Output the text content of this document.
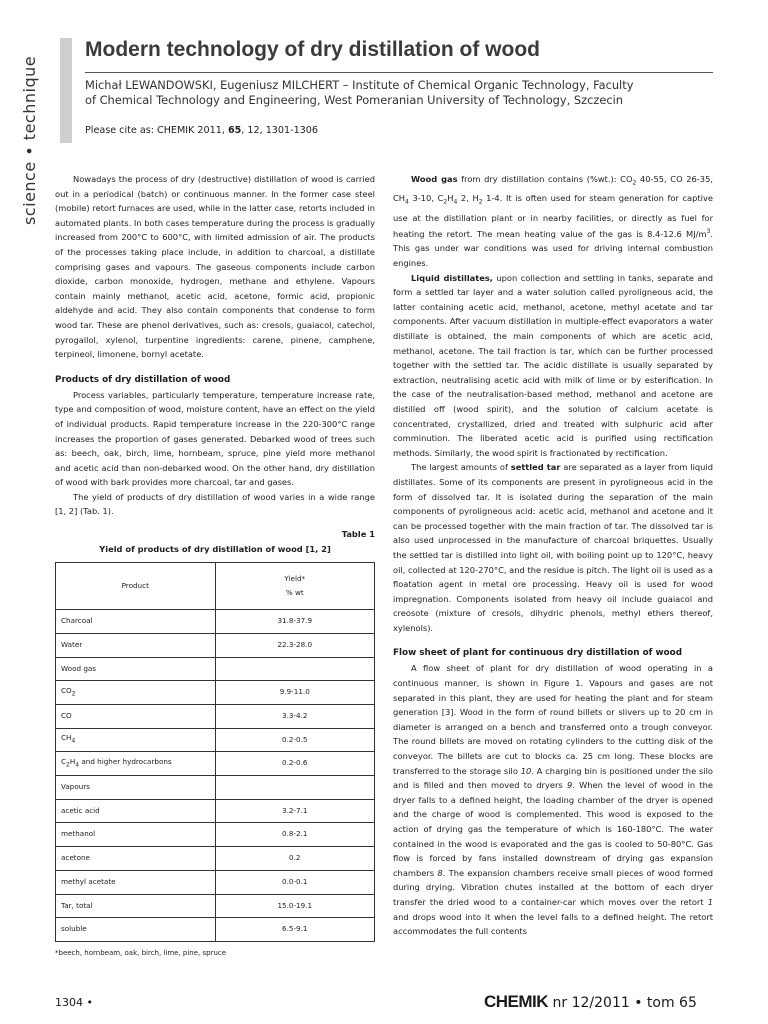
science • technique
Modern technology of dry distillation of wood
Michał LEWANDOWSKI, Eugeniusz MILCHERT – Institute of Chemical Organic Technology, Faculty
of Chemical Technology and Engineering, West Pomeranian University of Technology, Szczecin
Please cite as: CHEMIK 2011, 65, 12, 1301-1306

Nowadays the process of dry (destructive) distillation of wood is carried out in a periodical (batch) or continuous manner. In the former case steel (mobile) retort furnaces are used, while in the latter case, retorts included in automated plants. In both cases temperature during the process is gradually increased from 200°C to 600°C, with limited admission of air. The products of the processes taking place include, in addition to charcoal, a distillate comprising gases and vapours. The gaseous components include carbon dioxide, carbon monoxide, hydrogen, methane and ethylene. Vapours contain mainly methanol, acetic acid, acetone, formic acid, propionic aldehyde and acid. They also contain components that condense to form wood tar. These are phenol derivatives, such as: cresols, guaiacol, catechol, pyrogallol, xylenol, turpentine ingredients: carene, pinene, camphene, terpineol, limonene, bornyl acetate.

Products of dry distillation of wood

Process variables, particularly temperature, temperature increase rate, type and composition of wood, moisture content, have an effect on the yield of individual products. Rapid temperature increase in the 220-300°C range increases the proportion of gases generated. Debarked wood of trees such as: beech, oak, birch, lime, hornbeam, spruce, pine yield more methanol and acetic acid than non-debarked wood. On the other hand, dry distillation of wood with bark provides more charcoal, tar and gases.

The yield of products of dry distillation of wood varies in a wide range [1, 2] (Tab. 1).

Table 1
Yield of products of dry distillation of wood [1, 2]
Product	Yield*
% wt
Charcoal	31.8-37.9
Water	22.3-28.0
Wood gas	
$CO_2$	9.9-11.0
CO	3.3-4.2
$CH_4$	0.2-0.5
$C_2H_4$ and higher hydrocarbons	0.2-0.6
Vapours	
acetic acid	3.2-7.1
methanol	0.8-2.1
acetone	0.2
methyl acetate	0.0-0.1
Tar, total	15.0-19.1
soluble	6.5-9.1
*beech, hornbeam, oak, birch, lime, pine, spruce

Wood gas from dry distillation contains (%wt.): $CO_2$ 40-55, CO 26-35, $CH_4$ 3-10, $C_2H_4$ 2, $H_2$ 1-4. It is often used for steam generation for captive use at the distillation plant or in nearby facilities, or directly as fuel for heating the retort. The mean heating value of the gas is 8.4-12.6 $MJ/m^3$. This gas under war conditions was used for driving internal combustion engines.

Liquid distillates, upon collection and settling in tanks, separate and form a settled tar layer and a water solution called pyroligneous acid, the latter containing acetic acid, methanol, acetone, methyl acetate and tar components. After vacuum distillation in multiple-effect evaporators a water distillate is obtained, the main components of which are acetic acid, methanol, acetone. The tail fraction is tar, which can be further processed together with the settled tar. The acidic distillate is usually separated by extraction, neutralising acetic acid with milk of lime or by esterification. In the case of the neutralisation-based method, methanol and acetone are distilled off (wood spirit), and the solution of calcium acetate is concentrated, crystallized, dried and treated with sulphuric acid after comminution. The liberated acetic acid is purified using rectification methods. Similarly, the wood spirit is fractionated by rectification.

The largest amounts of settled tar are separated as a layer from liquid distillates. Some of its components are present in pyroligneous acid in the form of dissolved tar. It is isolated during the separation of the main components of pyroligneous acid: acetic acid, methanol and acetone and it can be processed together with the main fraction of tar. The dissolved tar is also used unprocessed in the manufacture of charcoal briquettes. Usually the settled tar is distilled into light oil, with boiling point up to 120°C, heavy oil, collected at 120-270°C, and the residue is pitch. The light oil is used as a floatation agent in metal ore processing. Heavy oil is used for wood impregnation. Components isolated from heavy oil include guaiacol and creosote (mixture of cresols, dihydric phenols, methyl ethers thereof, xylenols).

Flow sheet of plant for continuous dry distillation of wood

A flow sheet of plant for dry distillation of wood operating in a continuous manner, is shown in Figure 1. Vapours and gases are not separated in this plant, they are used for heating the plant and for steam generation [3]. Wood in the form of round billets or slivers up to 20 cm in diameter is arranged on a bench and transferred onto a trough conveyor. The round billets are moved on rotating cylinders to the cutting disk of the conveyor. The billets are cut to blocks ca. 25 cm long. These blocks are transferred to the storage silo 10. A charging bin is positioned under the silo and is filled and then moved to dryers 9. When the level of wood in the dryer falls to a defined height, the loading chamber of the dryer is opened and the charge of wood is complemented. This wood is exposed to the action of drying gas the temperature of which is 160-180°C. The water contained in the wood is evaporated and the gas is cooled to 50-80°C. Gas flow is forced by fans installed downstream of drying gas expansion chambers 8. The expansion chambers receive small pieces of wood formed during drying. Vibration chutes installed at the bottom of each dryer transfer the dried wood to a container-car which moves over the retort 1 and drops wood into it when the level falls to a defined height. The retort accommodates the full contents

1304 •	CHEMIK nr 12/2011 • tom 65
